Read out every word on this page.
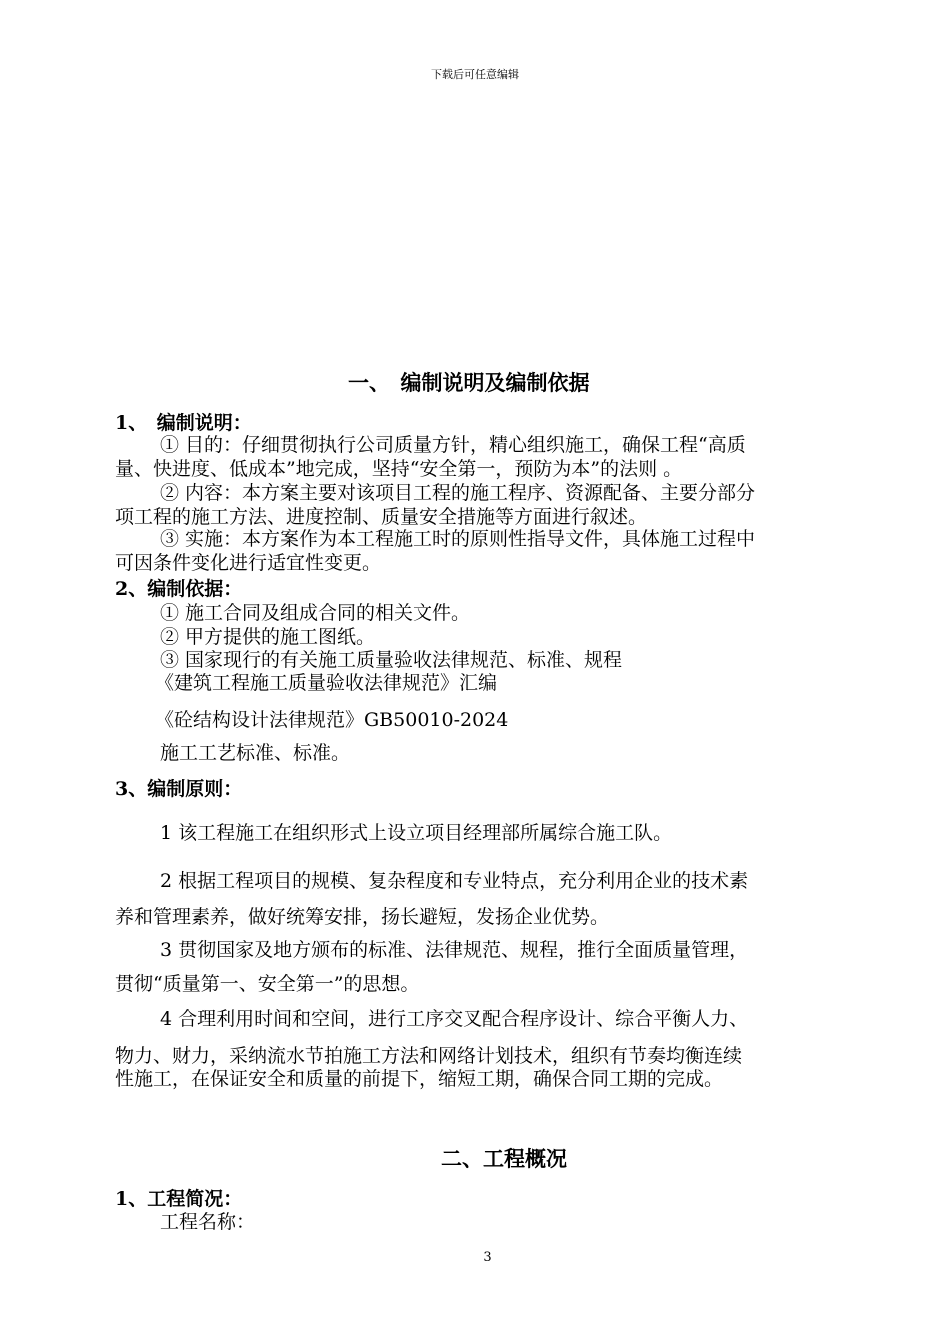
下载后可任意编辑
一、　编制说明及编制依据
1、　编制说明：
① 目的：仔细贯彻执行公司质量方针，精心组织施工，确保工程“高质
量、快进度、低成本”地完成，坚持“安全第一，预防为本”的法则 。
② 内容：本方案主要对该项目工程的施工程序、资源配备、主要分部分
项工程的施工方法、进度控制、质量安全措施等方面进行叙述。
③ 实施：本方案作为本工程施工时的原则性指导文件，具体施工过程中
可因条件变化进行适宜性变更。
2、编制依据：
① 施工合同及组成合同的相关文件。
② 甲方提供的施工图纸。
③ 国家现行的有关施工质量验收法律规范、标准、规程
《建筑工程施工质量验收法律规范》汇编
《砼结构设计法律规范》GB50010-2024
施工工艺标准、标准。
3、编制原则：
1 该工程施工在组织形式上设立项目经理部所属综合施工队。
2 根据工程项目的规模、复杂程度和专业特点，充分利用企业的技术素
养和管理素养，做好统筹安排，扬长避短，发扬企业优势。
3 贯彻国家及地方颁布的标准、法律规范、规程，推行全面质量管理，
贯彻“质量第一、安全第一”的思想。
4 合理利用时间和空间，进行工序交叉配合程序设计、综合平衡人力、
物力、财力，采纳流水节拍施工方法和网络计划技术，组织有节奏均衡连续
性施工，在保证安全和质量的前提下，缩短工期，确保合同工期的完成。
二、工程概况
1、工程简况：
工程名称：
3
